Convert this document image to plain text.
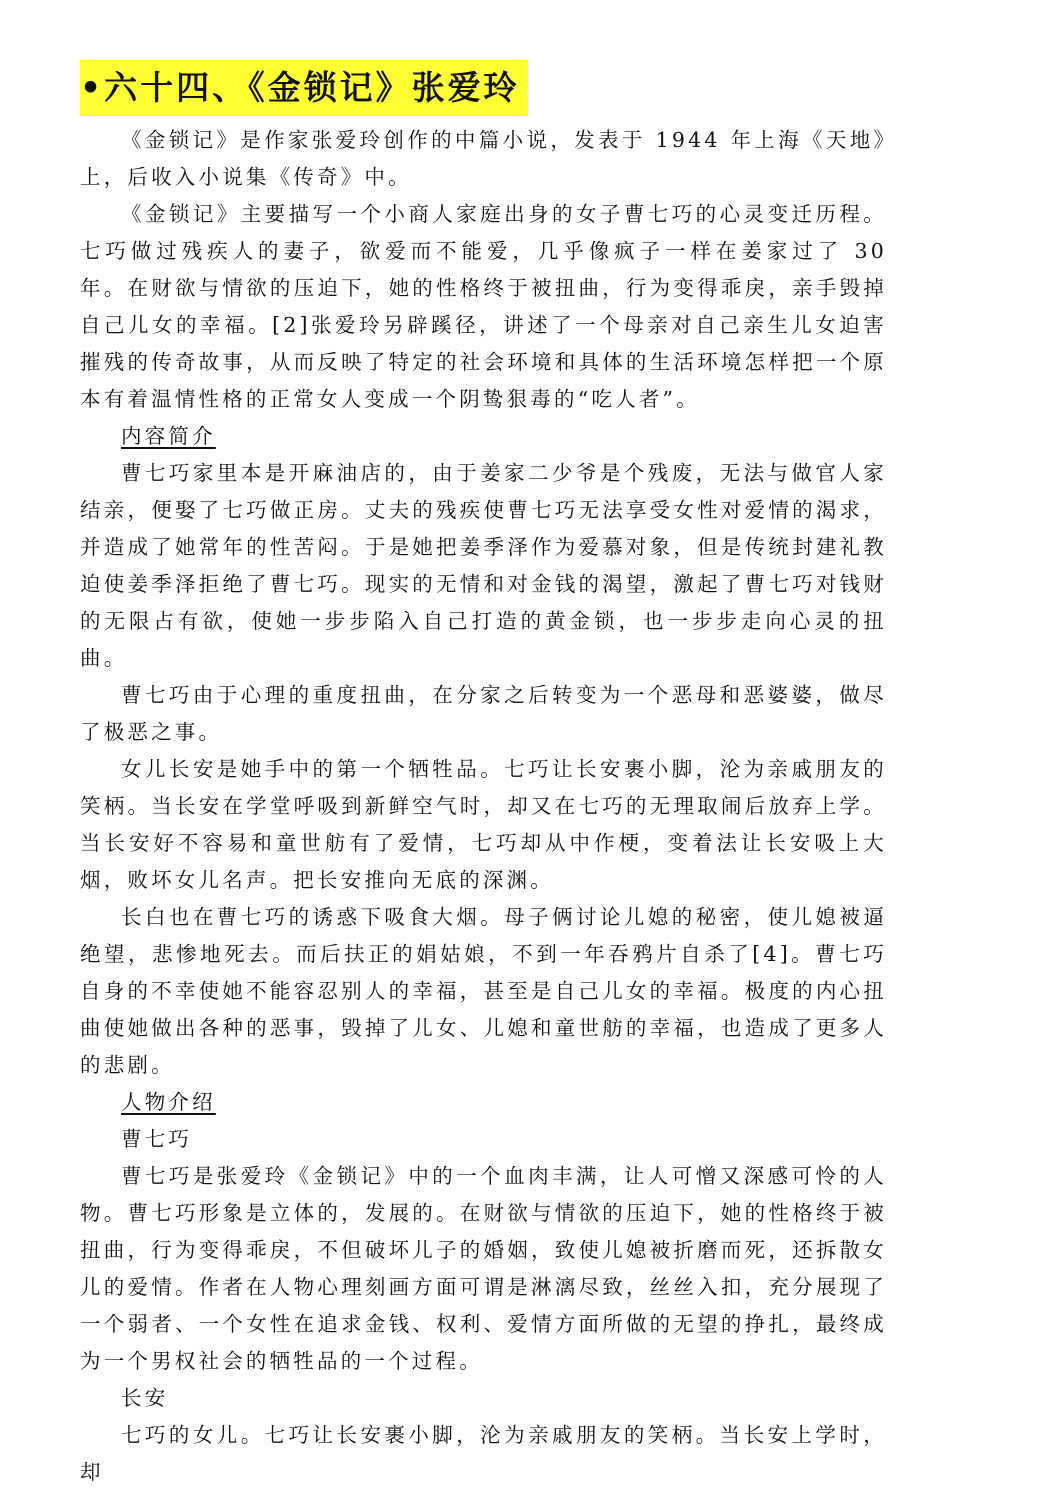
•六十四、《金锁记》张爱玲

《金锁记》是作家张爱玲创作的中篇小说，发表于 1944 年上海《天地》上，后收入小说集《传奇》中。

《金锁记》主要描写一个小商人家庭出身的女子曹七巧的心灵变迁历程。七巧做过残疾人的妻子，欲爱而不能爱，几乎像疯子一样在姜家过了 30 年。在财欲与情欲的压迫下，她的性格终于被扭曲，行为变得乖戾，亲手毁掉自己儿女的幸福。[2]张爱玲另辟蹊径，讲述了一个母亲对自己亲生儿女迫害摧残的传奇故事，从而反映了特定的社会环境和具体的生活环境怎样把一个原本有着温情性格的正常女人变成一个阴鸷狠毒的“吃人者”。

内容简介

曹七巧家里本是开麻油店的，由于姜家二少爷是个残废，无法与做官人家结亲，便娶了七巧做正房。丈夫的残疾使曹七巧无法享受女性对爱情的渴求，并造成了她常年的性苦闷。于是她把姜季泽作为爱慕对象，但是传统封建礼教迫使姜季泽拒绝了曹七巧。现实的无情和对金钱的渴望，激起了曹七巧对钱财的无限占有欲，使她一步步陷入自己打造的黄金锁，也一步步走向心灵的扭曲。

曹七巧由于心理的重度扭曲，在分家之后转变为一个恶母和恶婆婆，做尽了极恶之事。

女儿长安是她手中的第一个牺牲品。七巧让长安裹小脚，沦为亲戚朋友的笑柄。当长安在学堂呼吸到新鲜空气时，却又在七巧的无理取闹后放弃上学。当长安好不容易和童世舫有了爱情，七巧却从中作梗，变着法让长安吸上大烟，败坏女儿名声。把长安推向无底的深渊。

长白也在曹七巧的诱惑下吸食大烟。母子俩讨论儿媳的秘密，使儿媳被逼绝望，悲惨地死去。而后扶正的娟姑娘，不到一年吞鸦片自杀了[4]。曹七巧自身的不幸使她不能容忍别人的幸福，甚至是自己儿女的幸福。极度的内心扭曲使她做出各种的恶事，毁掉了儿女、儿媳和童世舫的幸福，也造成了更多人的悲剧。

人物介绍

曹七巧

曹七巧是张爱玲《金锁记》中的一个血肉丰满，让人可憎又深感可怜的人物。曹七巧形象是立体的，发展的。在财欲与情欲的压迫下，她的性格终于被扭曲，行为变得乖戾，不但破坏儿子的婚姻，致使儿媳被折磨而死，还拆散女儿的爱情。作者在人物心理刻画方面可谓是淋漓尽致，丝丝入扣，充分展现了一个弱者、一个女性在追求金钱、权利、爱情方面所做的无望的挣扎，最终成为一个男权社会的牺牲品的一个过程。

长安

七巧的女儿。七巧让长安裹小脚，沦为亲戚朋友的笑柄。当长安上学时，却
